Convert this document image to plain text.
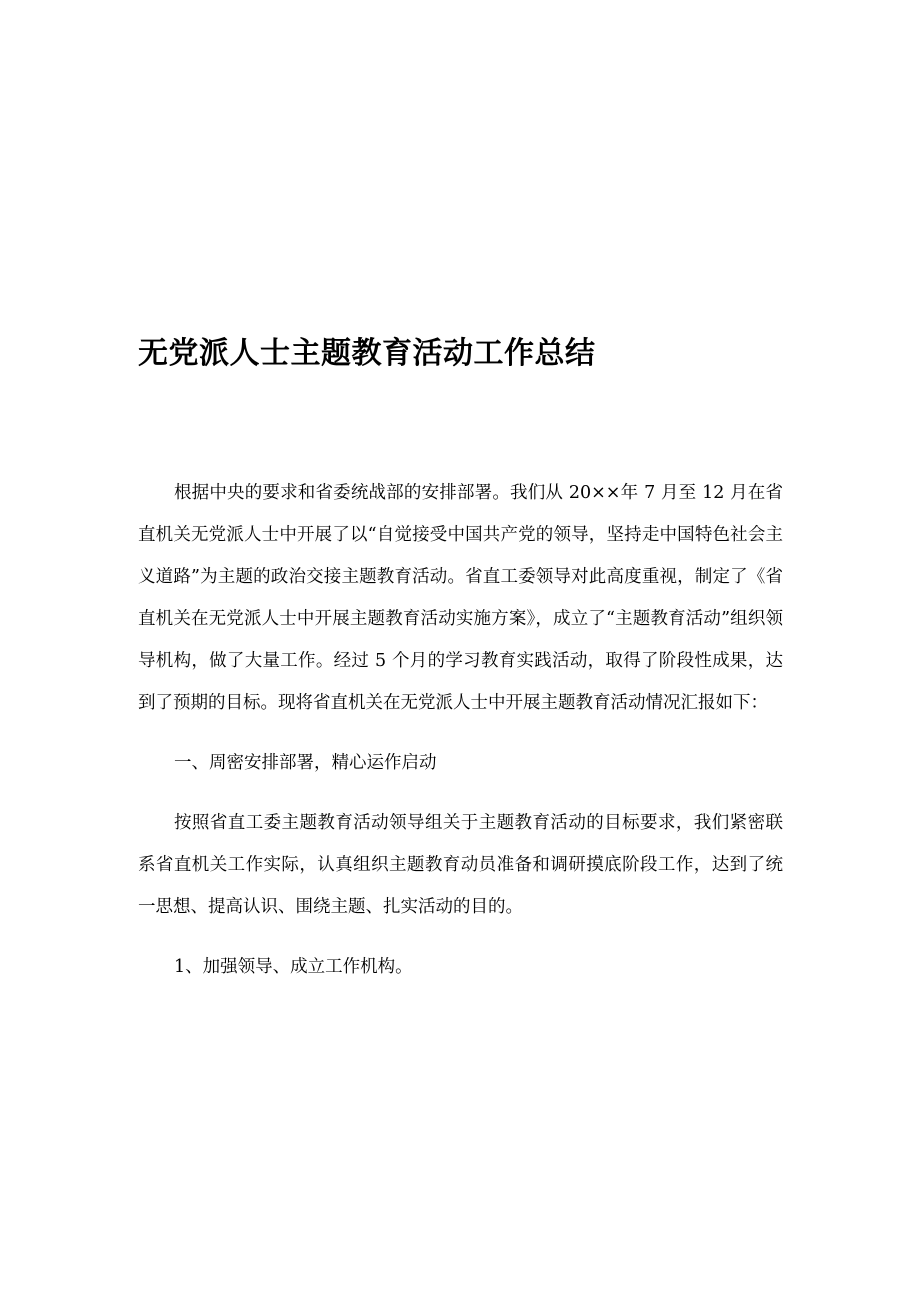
无党派人士主题教育活动工作总结

根据中央的要求和省委统战部的安排部署。我们从 20××年 7 月至 12 月在省直机关无党派人士中开展了以“自觉接受中国共产党的领导，坚持走中国特色社会主义道路”为主题的政治交接主题教育活动。省直工委领导对此高度重视，制定了《省直机关在无党派人士中开展主题教育活动实施方案》，成立了“主题教育活动”组织领导机构，做了大量工作。经过 5 个月的学习教育实践活动，取得了阶段性成果，达到了预期的目标。现将省直机关在无党派人士中开展主题教育活动情况汇报如下：

一、周密安排部署，精心运作启动

按照省直工委主题教育活动领导组关于主题教育活动的目标要求，我们紧密联系省直机关工作实际，认真组织主题教育动员准备和调研摸底阶段工作，达到了统一思想、提高认识、围绕主题、扎实活动的目的。

1、加强领导、成立工作机构。
